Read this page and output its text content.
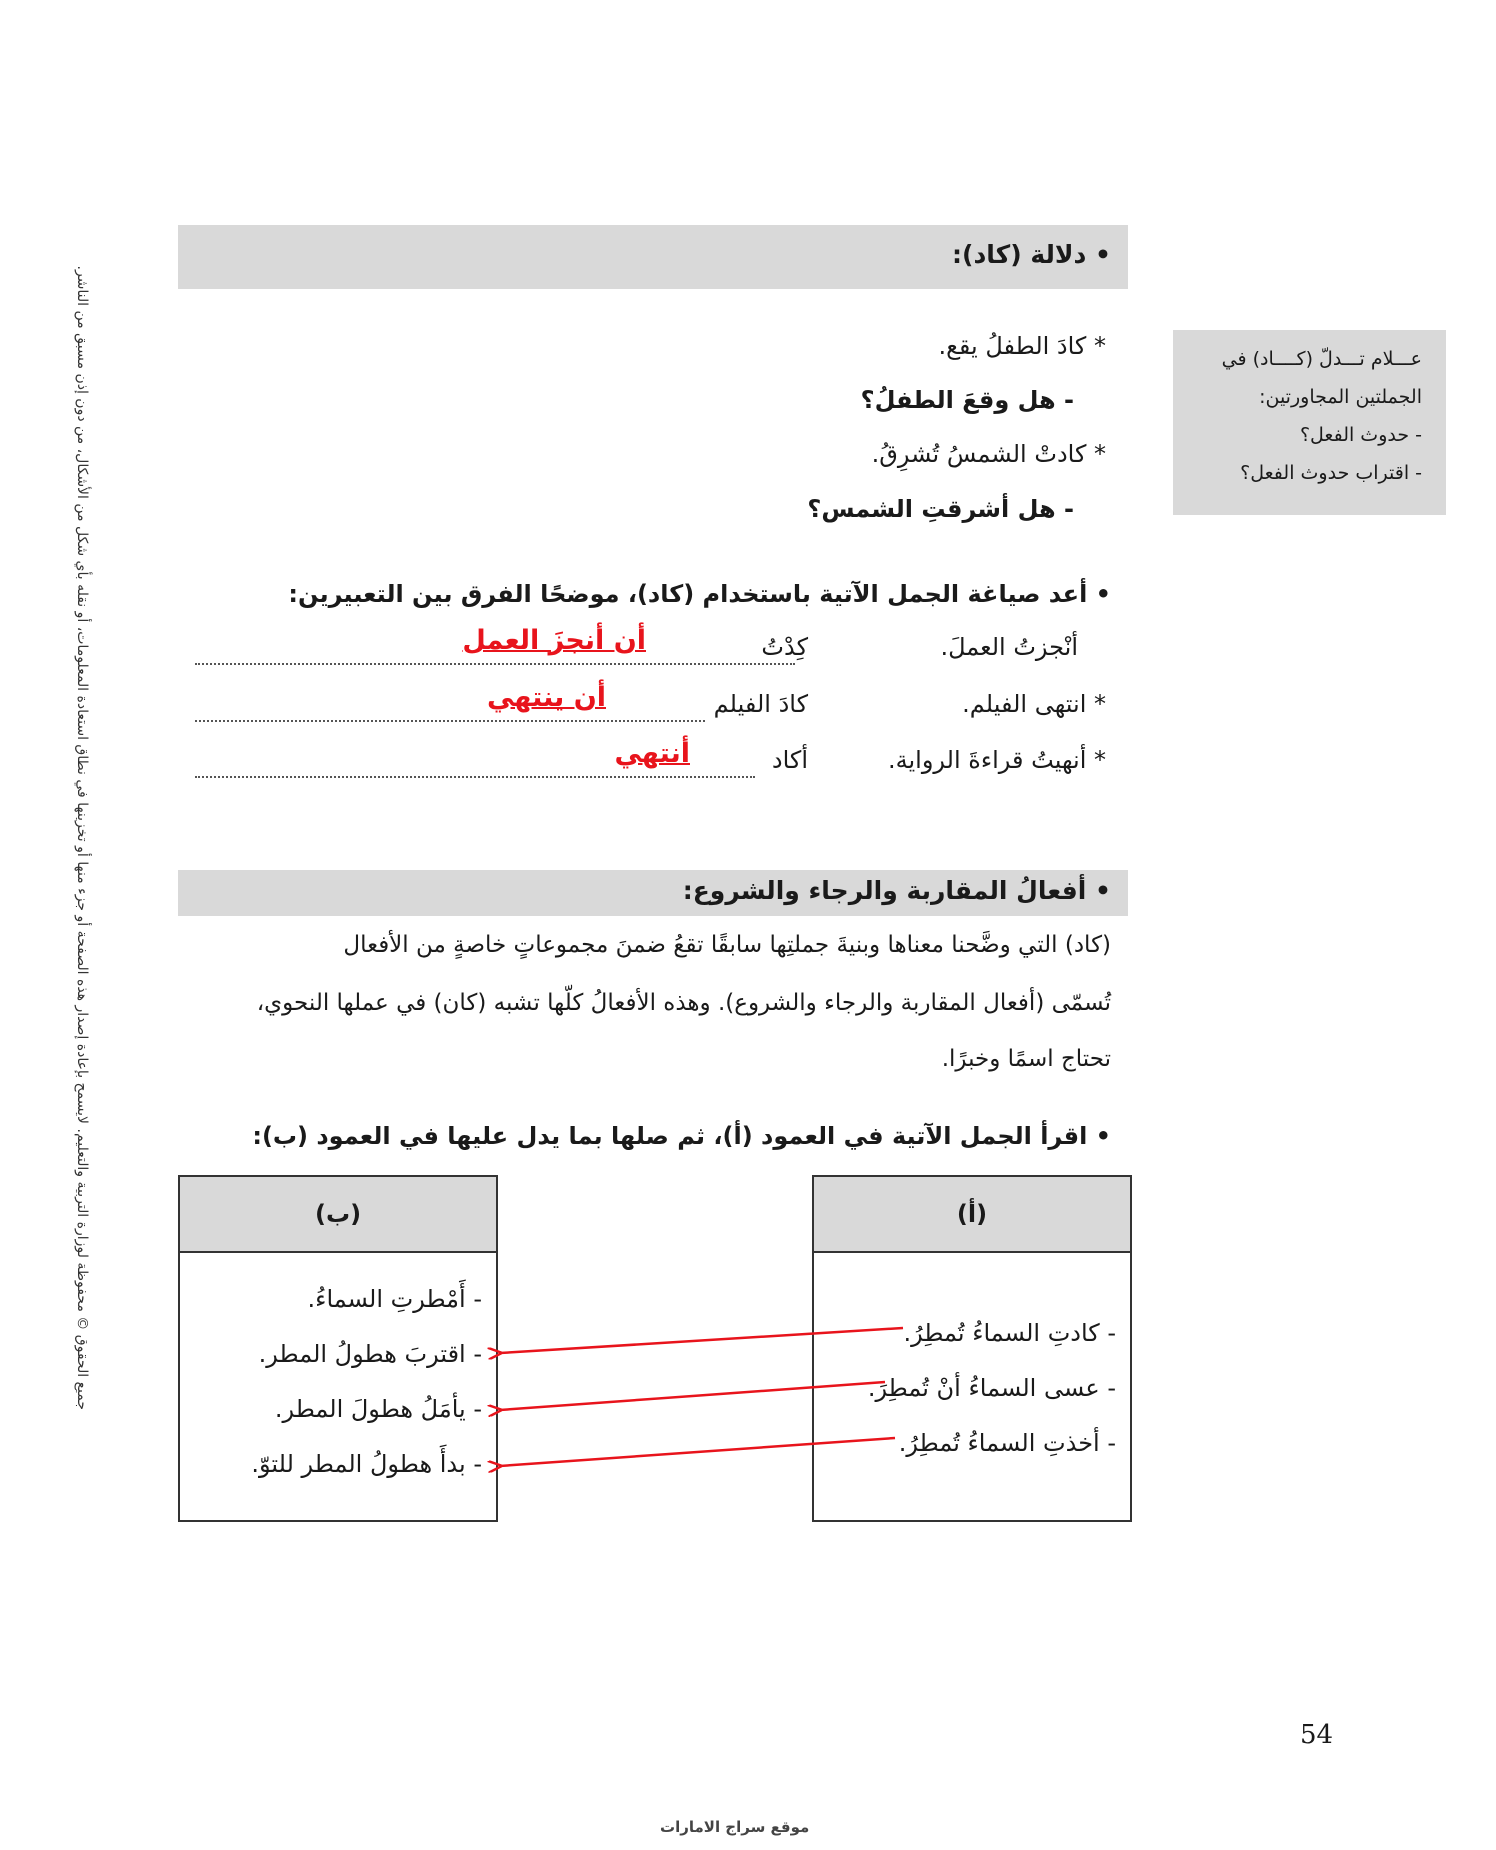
جميع الحقوق © محفوظة لوزارة التربية والتعليم. لايسمح بإعادة إصدار هذه الصفحة أو جزء منها أو تخزينها في نطاق استعادة المعلومات، أو نقله بأي شكل من الأشكال، من دون إذن مسبق من الناشر.
• دلالة (كاد):
* كادَ الطفلُ يقع.
- هل وقعَ الطفلُ؟
* كادتْ الشمسُ تُشرِقُ.
- هل أشرقتِ الشمس؟
عـــلام تـــدلّ (كــــاد) في
الجملتين المجاورتين:
- حدوث الفعل؟
- اقتراب حدوث الفعل؟
• أعد صياغة الجمل الآتية باستخدام (كاد)، موضحًا الفرق بين التعبيرين:
أنْجزتُ العملَ.
كِدْتُ
أن أنجزَ العمل
* انتهى الفيلم.
كادَ الفيلم
أن ينتهي
* أنهيتُ قراءةَ الرواية.
أكاد
أنتهي
• أفعالُ المقاربة والرجاء والشروع:
(كاد) التي وضَّحنا معناها وبنيةَ جملتِها سابقًا تقعُ ضمنَ مجموعاتٍ خاصةٍ من الأفعال
تُسمّى (أفعال المقاربة والرجاء والشروع). وهذه الأفعالُ كلّها تشبه (كان) في عملها النحوي،
تحتاج اسمًا وخبرًا.
• اقرأ الجمل الآتية في العمود (أ)، ثم صلها بما يدل عليها في العمود (ب):
(ب)
- أَمْطرتِ السماءُ.
- اقتربَ هطولُ المطر.
- يأمَلُ هطولَ المطر.
- بدأَ هطولُ المطر للتوّ.
(أ)
- كادتِ السماءُ تُمطِرُ.
- عسى السماءُ أنْ تُمطِرَ.
- أخذتِ السماءُ تُمطِرُ.
54
موقع سراج الامارات
